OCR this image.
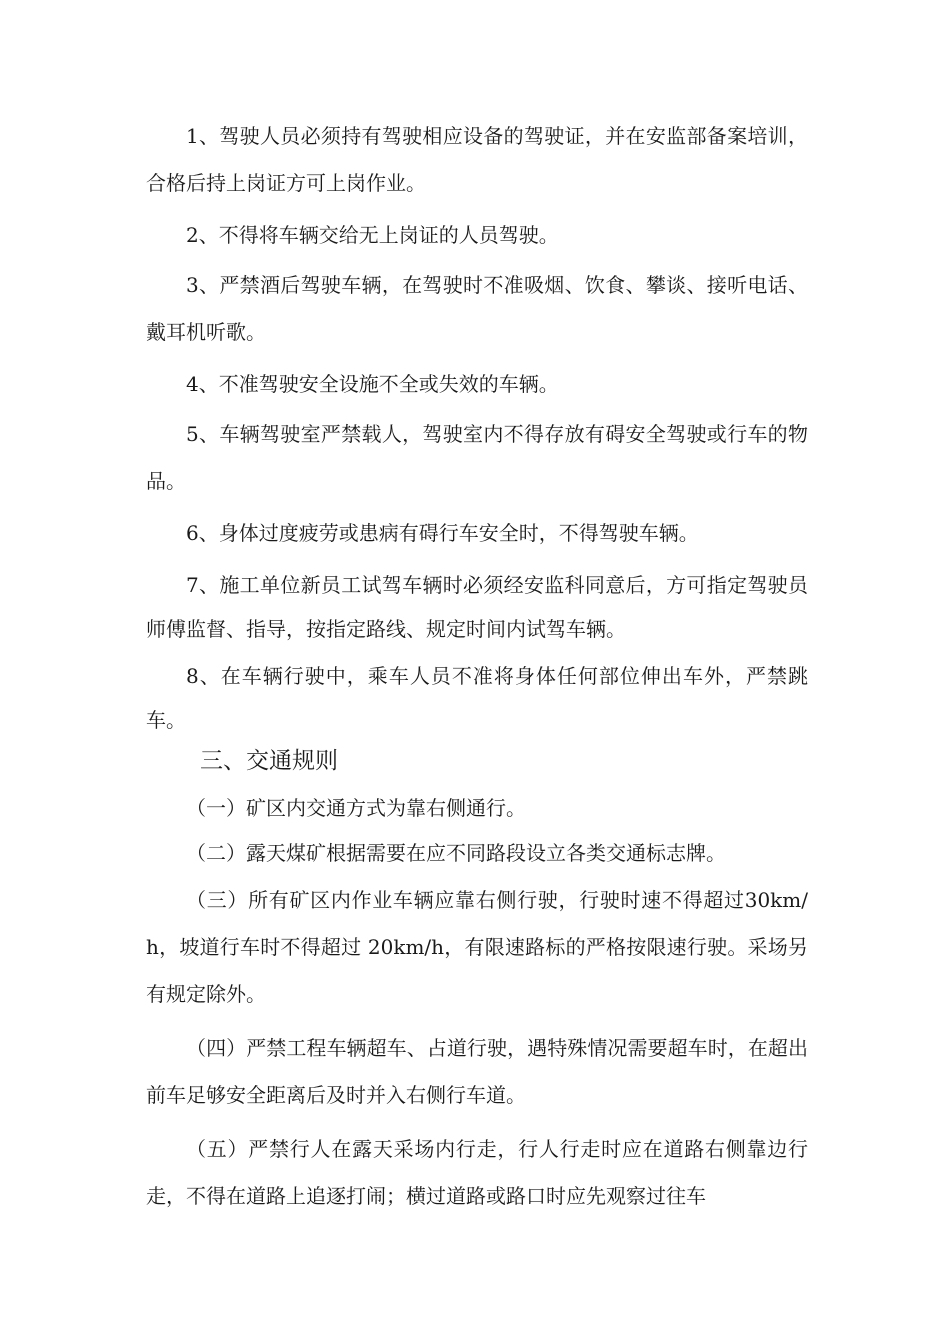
1、驾驶人员必须持有驾驶相应设备的驾驶证，并在安监部备案培训，合格后持上岗证方可上岗作业。

2、不得将车辆交给无上岗证的人员驾驶。

3、严禁酒后驾驶车辆，在驾驶时不准吸烟、饮食、攀谈、接听电话、戴耳机听歌。

4、不准驾驶安全设施不全或失效的车辆。

5、车辆驾驶室严禁载人，驾驶室内不得存放有碍安全驾驶或行车的物品。

6、身体过度疲劳或患病有碍行车安全时，不得驾驶车辆。

7、施工单位新员工试驾车辆时必须经安监科同意后，方可指定驾驶员师傅监督、指导，按指定路线、规定时间内试驾车辆。

8、在车辆行驶中，乘车人员不准将身体任何部位伸出车外，严禁跳车。

三、交通规则

（一）矿区内交通方式为靠右侧通行。

（二）露天煤矿根据需要在应不同路段设立各类交通标志牌。

（三）所有矿区内作业车辆应靠右侧行驶，行驶时速不得超过30km/h，坡道行车时不得超过 20km/h，有限速路标的严格按限速行驶。采场另有规定除外。

（四）严禁工程车辆超车、占道行驶，遇特殊情况需要超车时，在超出前车足够安全距离后及时并入右侧行车道。

（五）严禁行人在露天采场内行走，行人行走时应在道路右侧靠边行走，不得在道路上追逐打闹；横过道路或路口时应先观察过往车
